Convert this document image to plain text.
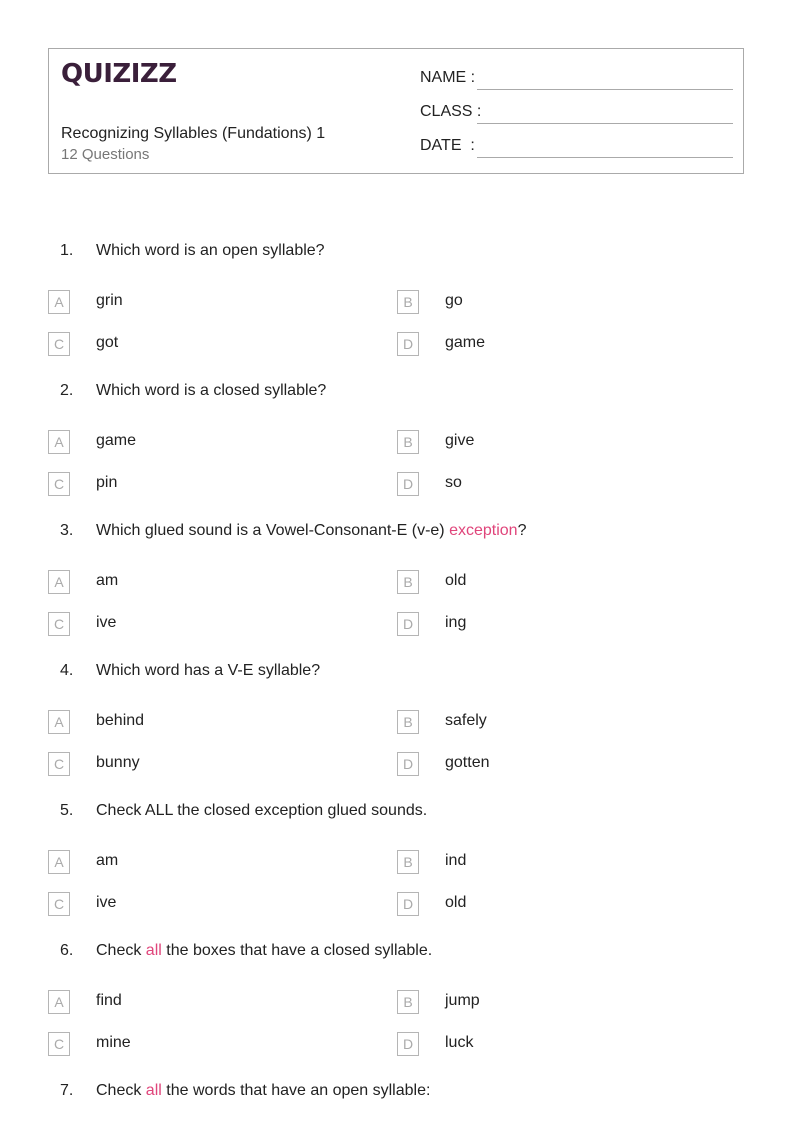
QUIZIZZ
Recognizing Syllables (Fundations) 1
12 Questions
NAME :
CLASS :
DATE  :
1. Which word is an open syllable?
A	grin	B	go
C	got	D	game
2. Which word is a closed syllable?
A	game	B	give
C	pin	D	so
3. Which glued sound is a Vowel-Consonant-E (v-e) exception?
A	am	B	old
C	ive	D	ing
4. Which word has a V-E syllable?
A	behind	B	safely
C	bunny	D	gotten
5. Check ALL the closed exception glued sounds.
A	am	B	ind
C	ive	D	old
6. Check all the boxes that have a closed syllable.
A	find	B	jump
C	mine	D	luck
7. Check all the words that have an open syllable:
